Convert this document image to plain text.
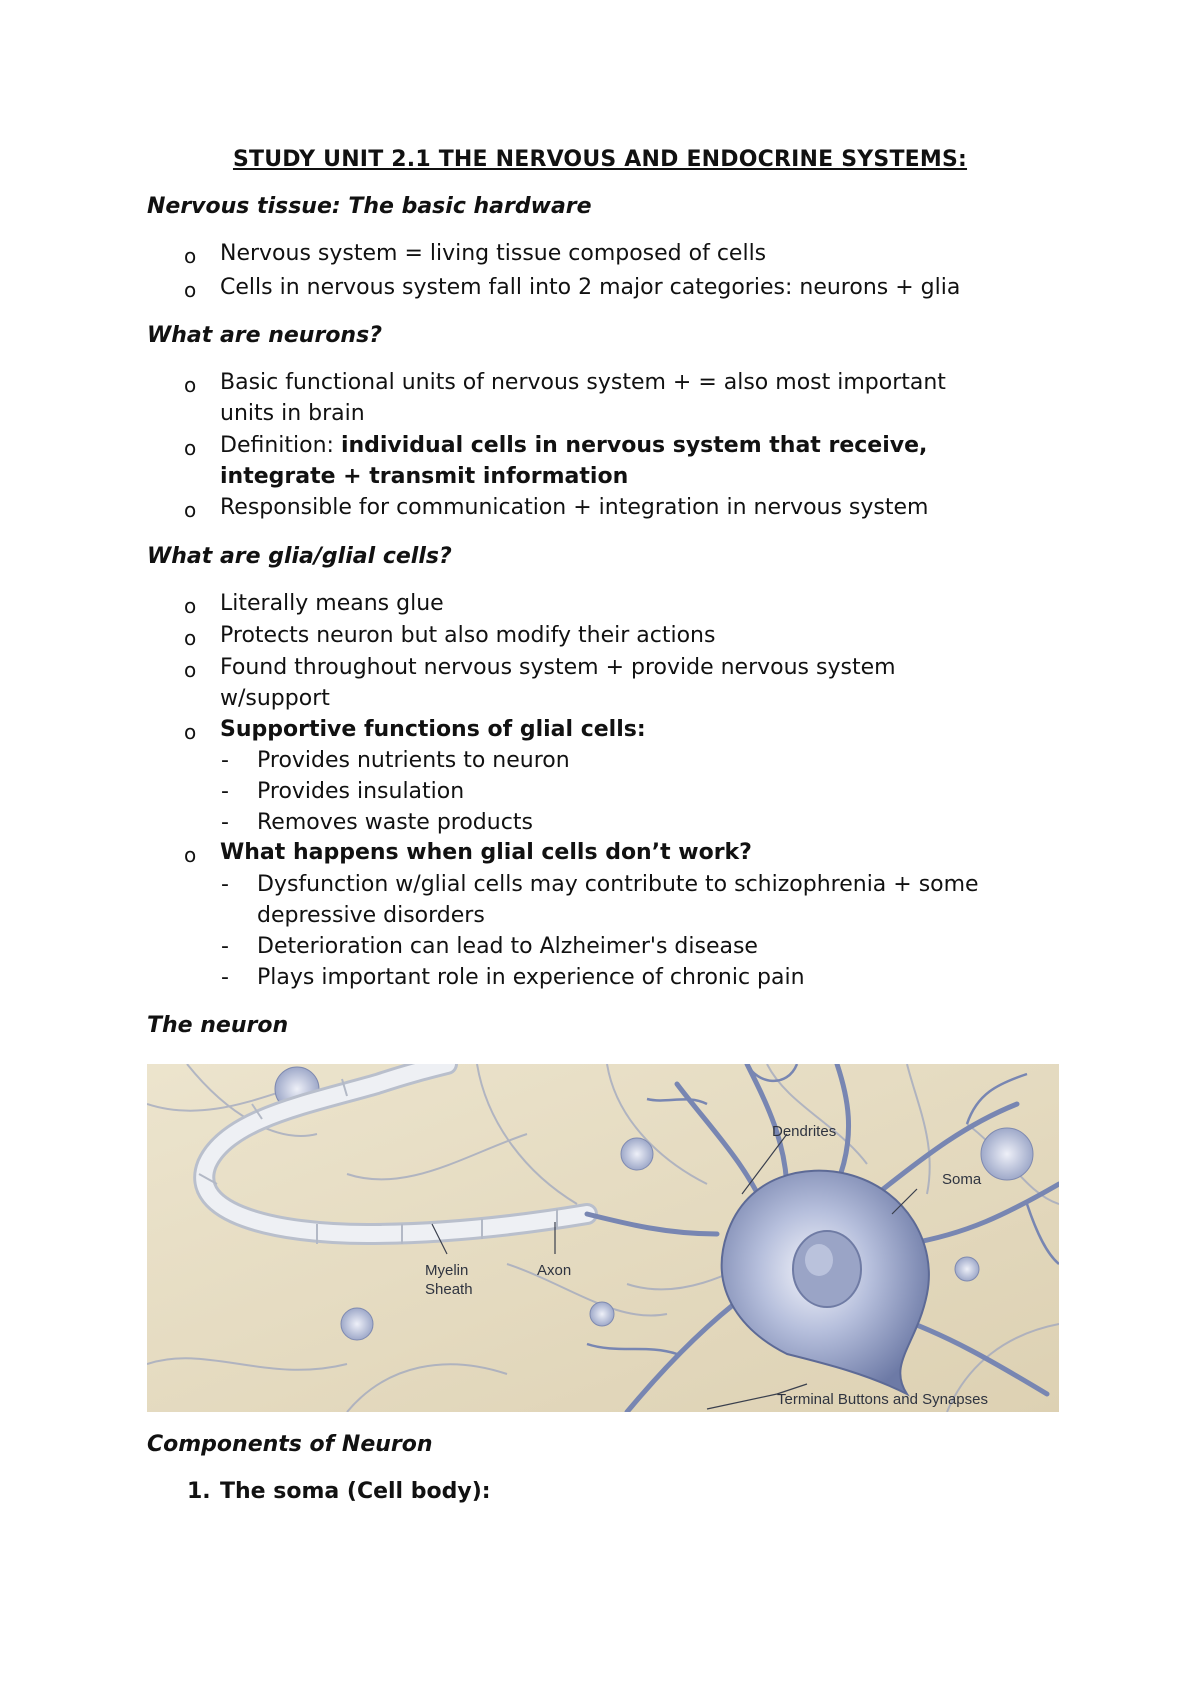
STUDY UNIT 2.1 THE NERVOUS AND ENDOCRINE SYSTEMS:
Nervous tissue: The basic hardware
o Nervous system = living tissue composed of cells
o Cells in nervous system fall into 2 major categories: neurons + glia
What are neurons?
o Basic functional units of nervous system + = also most important
units in brain
o Definition: individual cells in nervous system that receive,
integrate + transmit information
o Responsible for communication + integration in nervous system
What are glia/glial cells?
o Literally means glue
o Protects neuron but also modify their actions
o Found throughout nervous system + provide nervous system
w/support
o Supportive functions of glial cells:
- Provides nutrients to neuron
- Provides insulation
- Removes waste products
o What happens when glial cells don’t work?
- Dysfunction w/glial cells may contribute to schizophrenia + some
depressive disorders
- Deterioration can lead to Alzheimer's disease
- Plays important role in experience of chronic pain
The neuron
Dendrites
Soma
Myelin
Sheath
Axon
Terminal Buttons and Synapses
Components of Neuron
1. The soma (Cell body):
